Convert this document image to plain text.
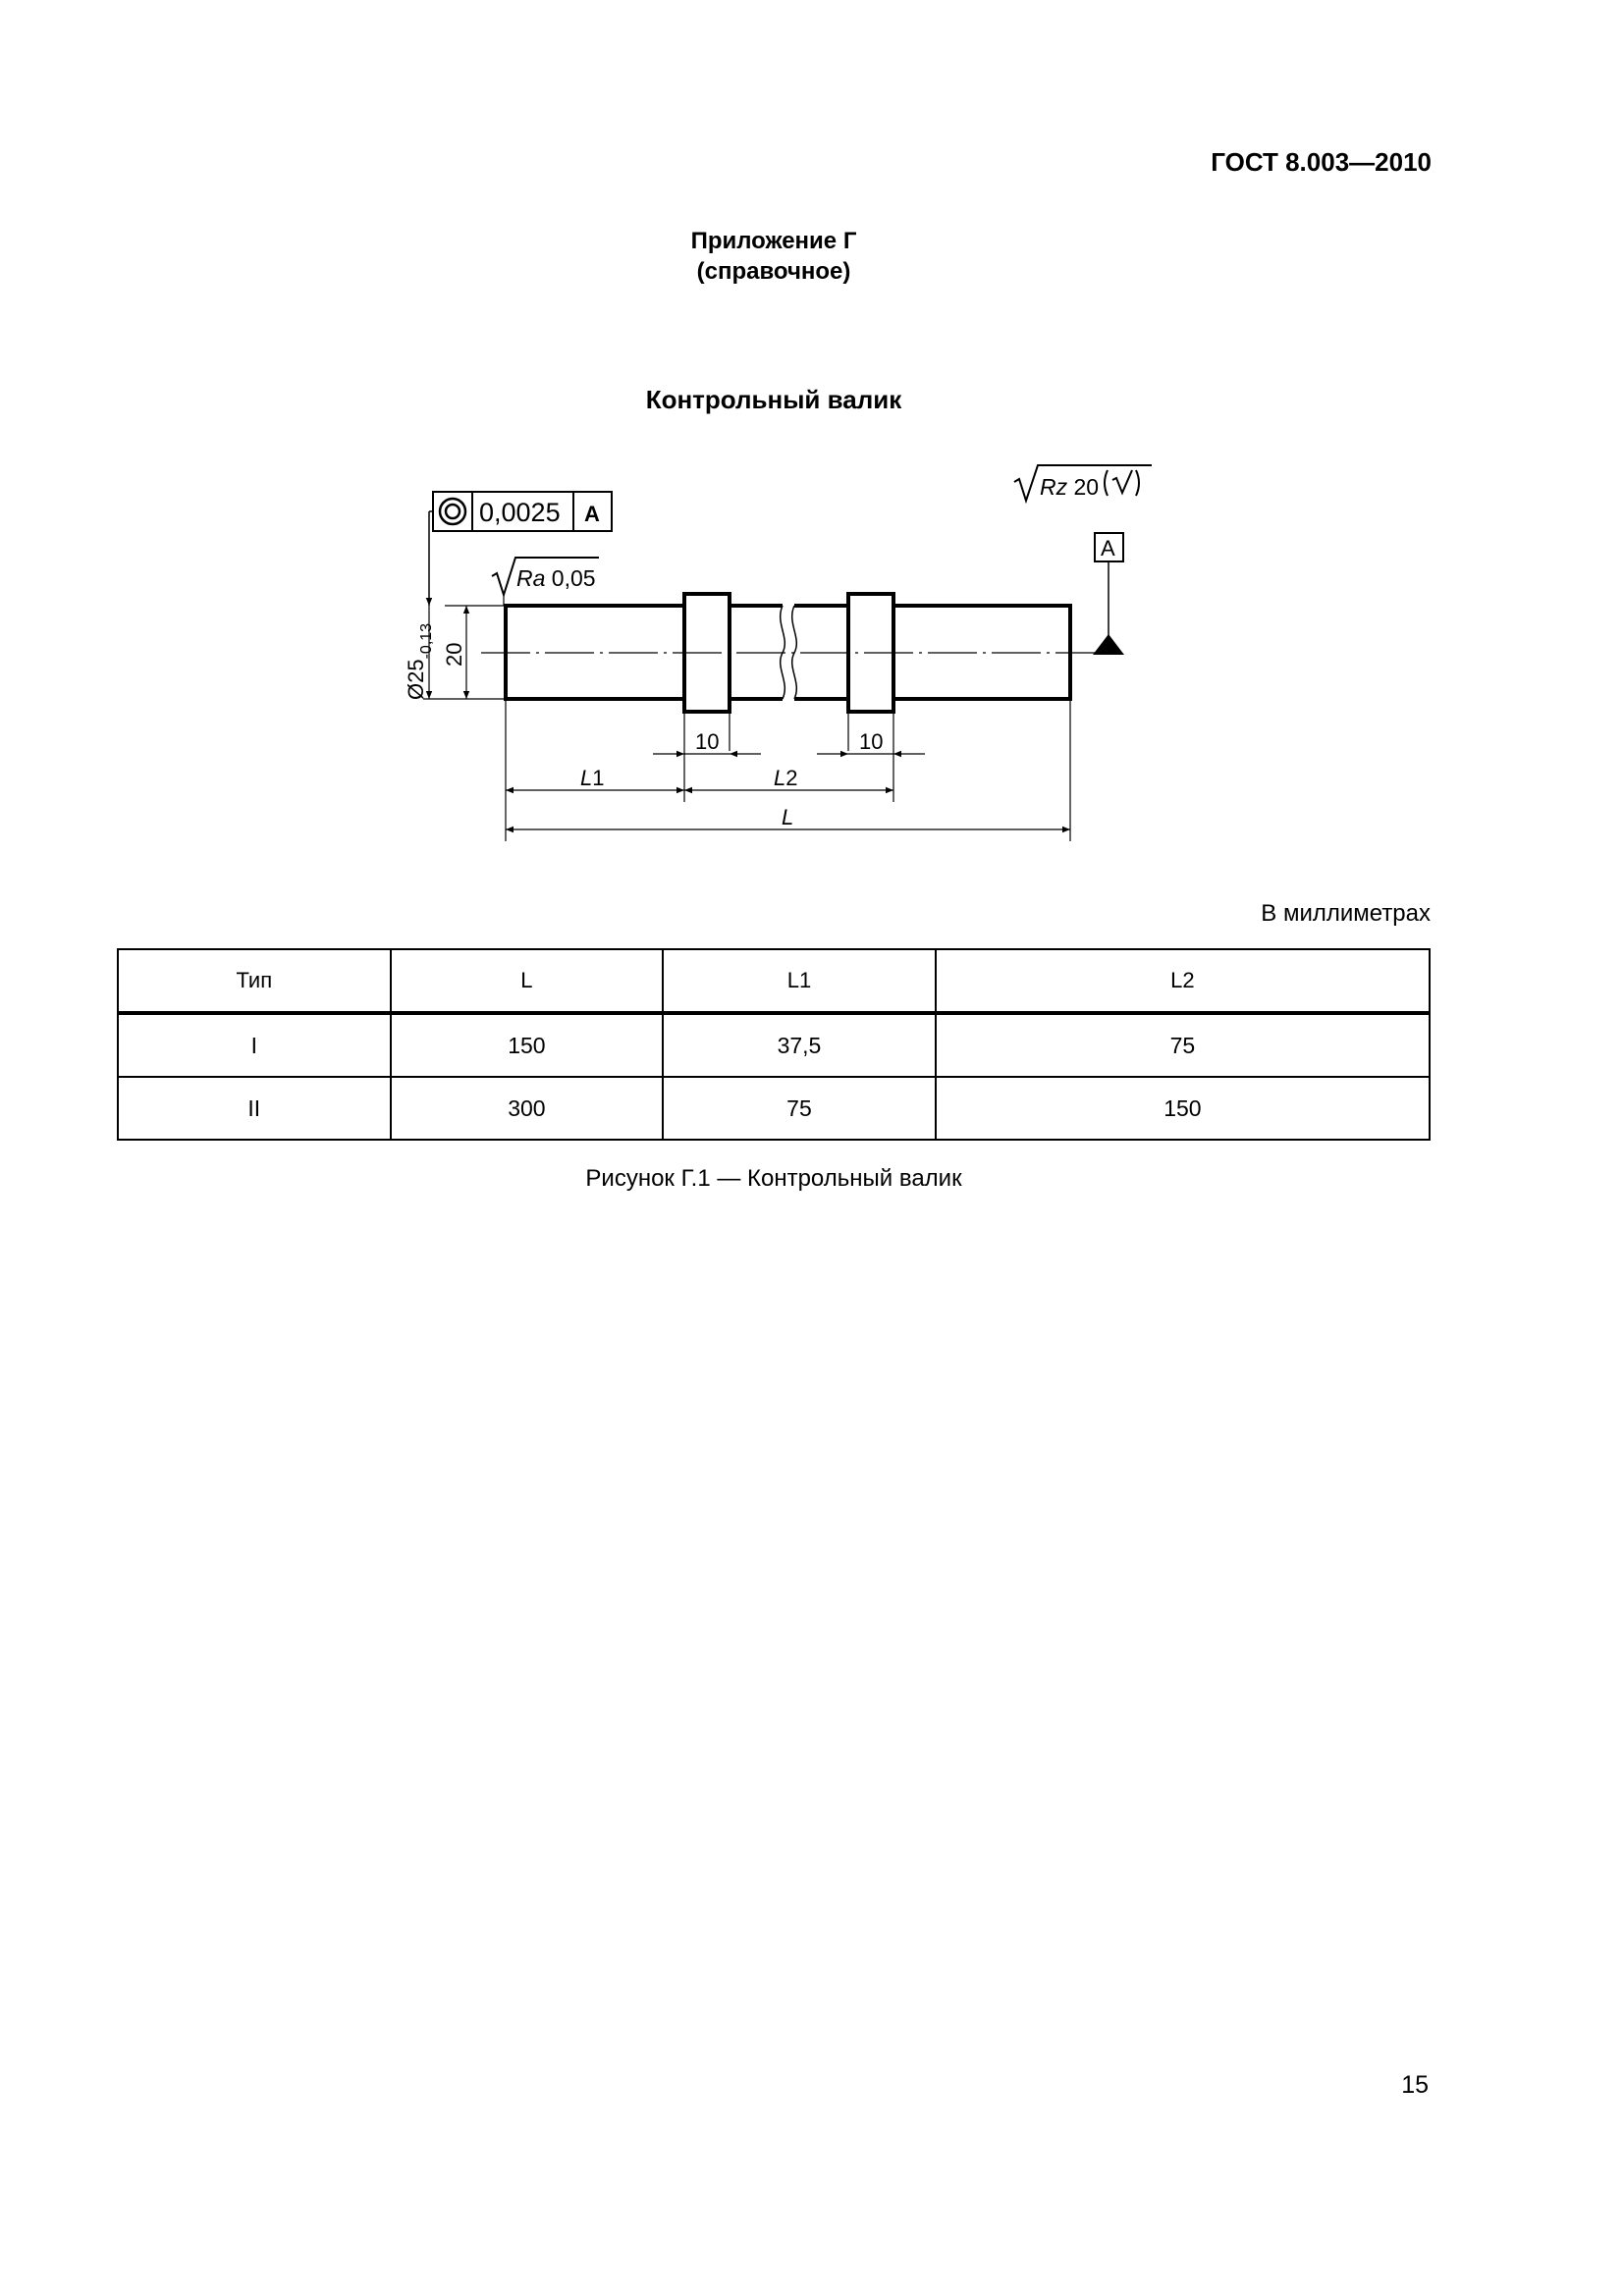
ГОСТ 8.003—2010
Приложение Г
(справочное)
Контрольный валик
0,0025 A
Ra 0,05
Rz 20
A
$Ø25_{-0,13}$ 20
10	10
L1	L2
L
В миллиметрах
Тип	L	L1	L2
I	150	37,5	75
II	300	75	150
Рисунок Г.1 — Контрольный валик
15
